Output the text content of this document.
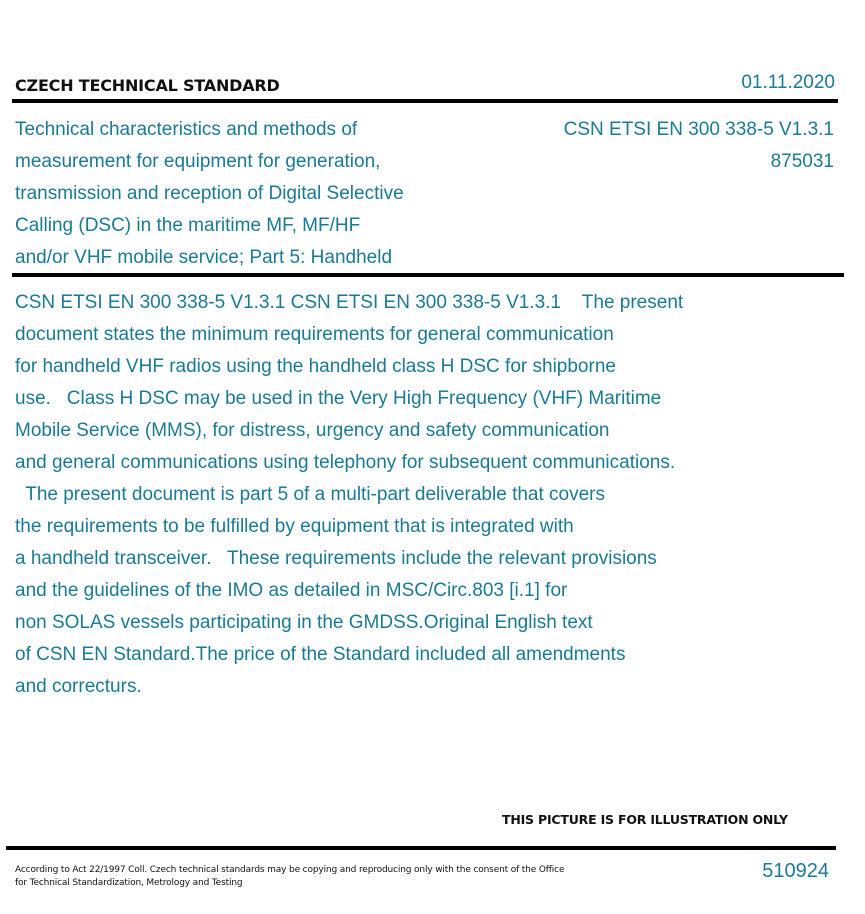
CZECH TECHNICAL STANDARD	01.11.2020
Technical characteristics and methods of
measurement for equipment for generation,
transmission and reception of Digital Selective
Calling (DSC) in the maritime MF, MF/HF
and/or VHF mobile service; Part 5: Handheld
CSN ETSI EN 300 338-5 V1.3.1
875031
CSN ETSI EN 300 338-5 V1.3.1 CSN ETSI EN 300 338-5 V1.3.1    The present
document states the minimum requirements for general communication
for handheld VHF radios using the handheld class H DSC for shipborne
use.   Class H DSC may be used in the Very High Frequency (VHF) Maritime
Mobile Service (MMS), for distress, urgency and safety communication
and general communications using telephony for subsequent communications.
The present document is part 5 of a multi-part deliverable that covers
the requirements to be fulfilled by equipment that is integrated with
a handheld transceiver.   These requirements include the relevant provisions
and the guidelines of the IMO as detailed in MSC/Circ.803 [i.1] for
non SOLAS vessels participating in the GMDSS.Original English text
of CSN EN Standard.The price of the Standard included all amendments
and correcturs.
THIS PICTURE IS FOR ILLUSTRATION ONLY
According to Act 22/1997 Coll. Czech technical standards may be copying and reproducing only with the consent of the Office
for Technical Standardization, Metrology and Testing
510924
